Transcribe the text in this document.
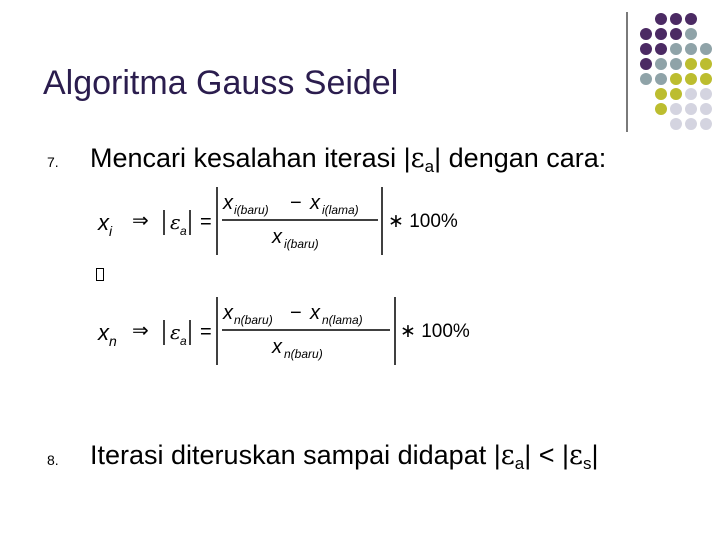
Algoritma Gauss Seidel
7. Mencari kesalahan iterasi $|\varepsilon_a|$ dengan cara:
$x_i$ ⇒ ε a =
x i(baru) − x i(lama)
x i(baru)
∗ 100%
$x_n$ ⇒ ε a =
x n(baru) − x n(lama)
x n(baru)
∗ 100%
8. Iterasi diteruskan sampai didapat $|\varepsilon_a| < |\varepsilon_s|$
